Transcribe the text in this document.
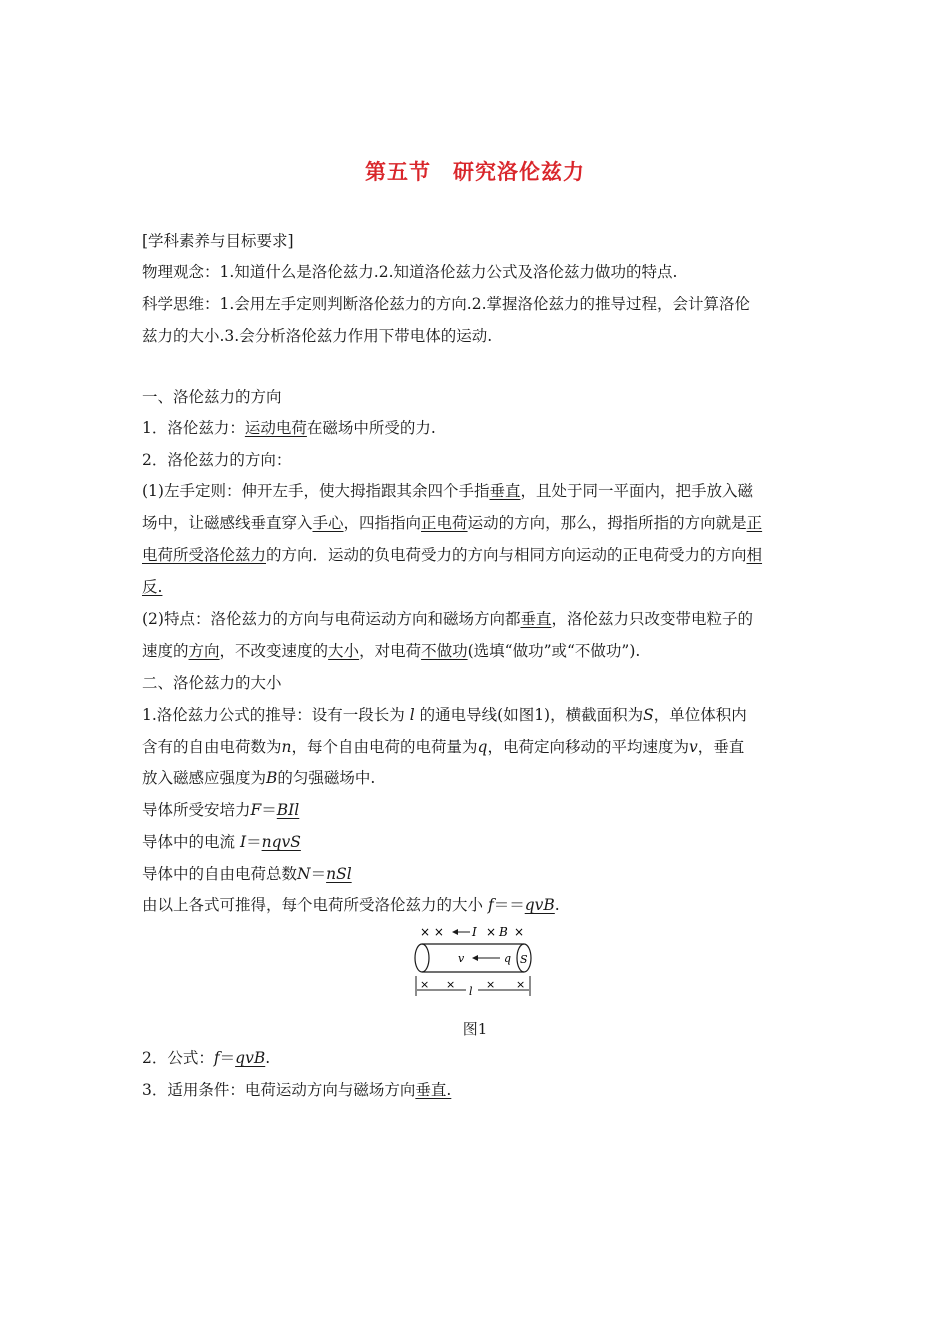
第五节　研究洛伦兹力
[学科素养与目标要求]
物理观念：1.知道什么是洛伦兹力.2.知道洛伦兹力公式及洛伦兹力做功的特点.
科学思维：1.会用左手定则判断洛伦兹力的方向.2.掌握洛伦兹力的推导过程，会计算洛伦
兹力的大小.3.会分析洛伦兹力作用下带电体的运动.
一、洛伦兹力的方向
1．洛伦兹力：运动电荷在磁场中所受的力.
2．洛伦兹力的方向：
(1)左手定则：伸开左手，使大拇指跟其余四个手指垂直，且处于同一平面内，把手放入磁
场中，让磁感线垂直穿入手心，四指指向正电荷运动的方向，那么，拇指所指的方向就是正
电荷所受洛伦兹力的方向．运动的负电荷受力的方向与相同方向运动的正电荷受力的方向相
反.
(2)特点：洛伦兹力的方向与电荷运动方向和磁场方向都垂直，洛伦兹力只改变带电粒子的
速度的方向，不改变速度的大小，对电荷不做功(选填“做功”或“不做功”).
二、洛伦兹力的大小
1.洛伦兹力公式的推导：设有一段长为 l 的通电导线(如图1)，横截面积为S，单位体积内
含有的自由电荷数为n，每个自由电荷的电荷量为q，电荷定向移动的平均速度为v，垂直
放入磁感应强度为B的匀强磁场中.
导体所受安培力F＝BIl
导体中的电流 I＝nqvS
导体中的自由电荷总数N＝nSl
由以上各式可推得，每个电荷所受洛伦兹力的大小 f＝＝qvB.
× × I × B ×
v	q S
× ×	× ×
l
图1
2．公式：f＝qvB.
3．适用条件：电荷运动方向与磁场方向垂直.
